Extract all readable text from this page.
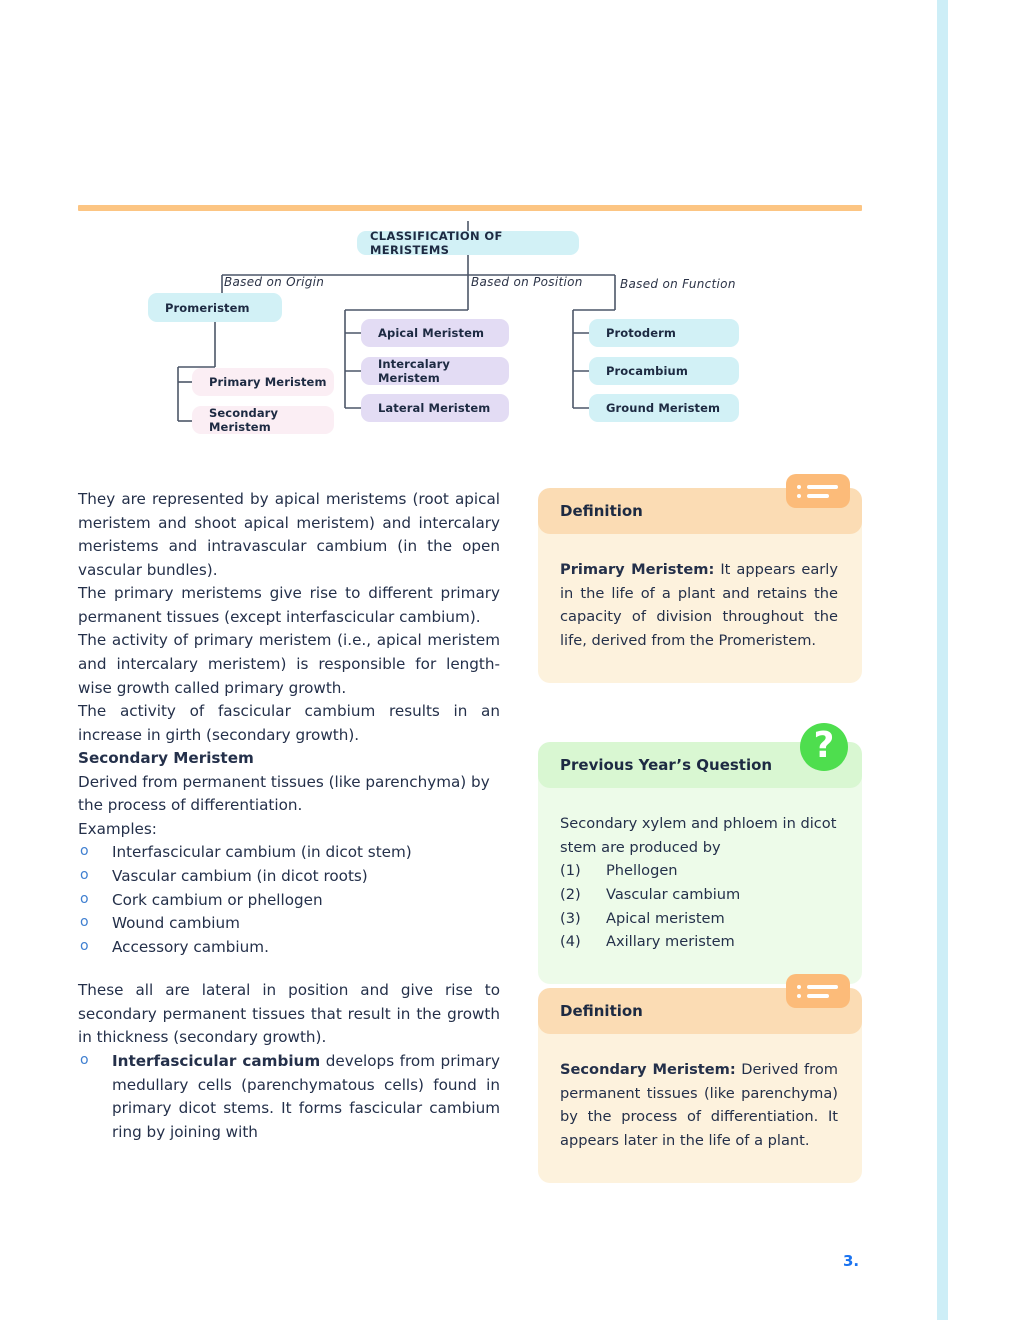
CLASSIFICATION OF MERISTEMS
Based on Origin	Based on Position	Based on Function
Promeristem
Primary Meristem
Secondary Meristem
Apical Meristem
Intercalary Meristem
Lateral Meristem
Protoderm
Procambium
Ground Meristem

They are represented by apical meristems (root apical meristem and shoot apical meristem) and intercalary meristems and intravascular cambium (in the open vascular bundles).

The primary meristems give rise to different primary permanent tissues (except interfascicular cambium).

The activity of primary meristem (i.e., apical meristem and intercalary meristem) is responsible for length-wise growth called primary growth.

The activity of fascicular cambium results in an increase in girth (secondary growth).

Secondary Meristem

Derived from permanent tissues (like parenchyma) by the process of differentiation.

Examples:

o Interfascicular cambium (in dicot stem)
o Vascular cambium (in dicot roots)
o Cork cambium or phellogen
o Wound cambium
o Accessory cambium.

These all are lateral in position and give rise to secondary permanent tissues that result in the growth in thickness (secondary growth).

o Interfascicular cambium develops from primary medullary cells (parenchymatous cells) found in primary dicot stems. It forms fascicular cambium ring by joining with
Definition
Primary Meristem: It appears early in the life of a plant and retains the capacity of division throughout the life, derived from the Promeristem.
Previous Year’s Question ?

Secondary xylem and phloem in dicot stem are produced by

(1) Phellogen
(2) Vascular cambium
(3) Apical meristem
(4) Axillary meristem
Definition
Secondary Meristem: Derived from permanent tissues (like parenchyma) by the process of differentiation. It appears later in the life of a plant.
3.
